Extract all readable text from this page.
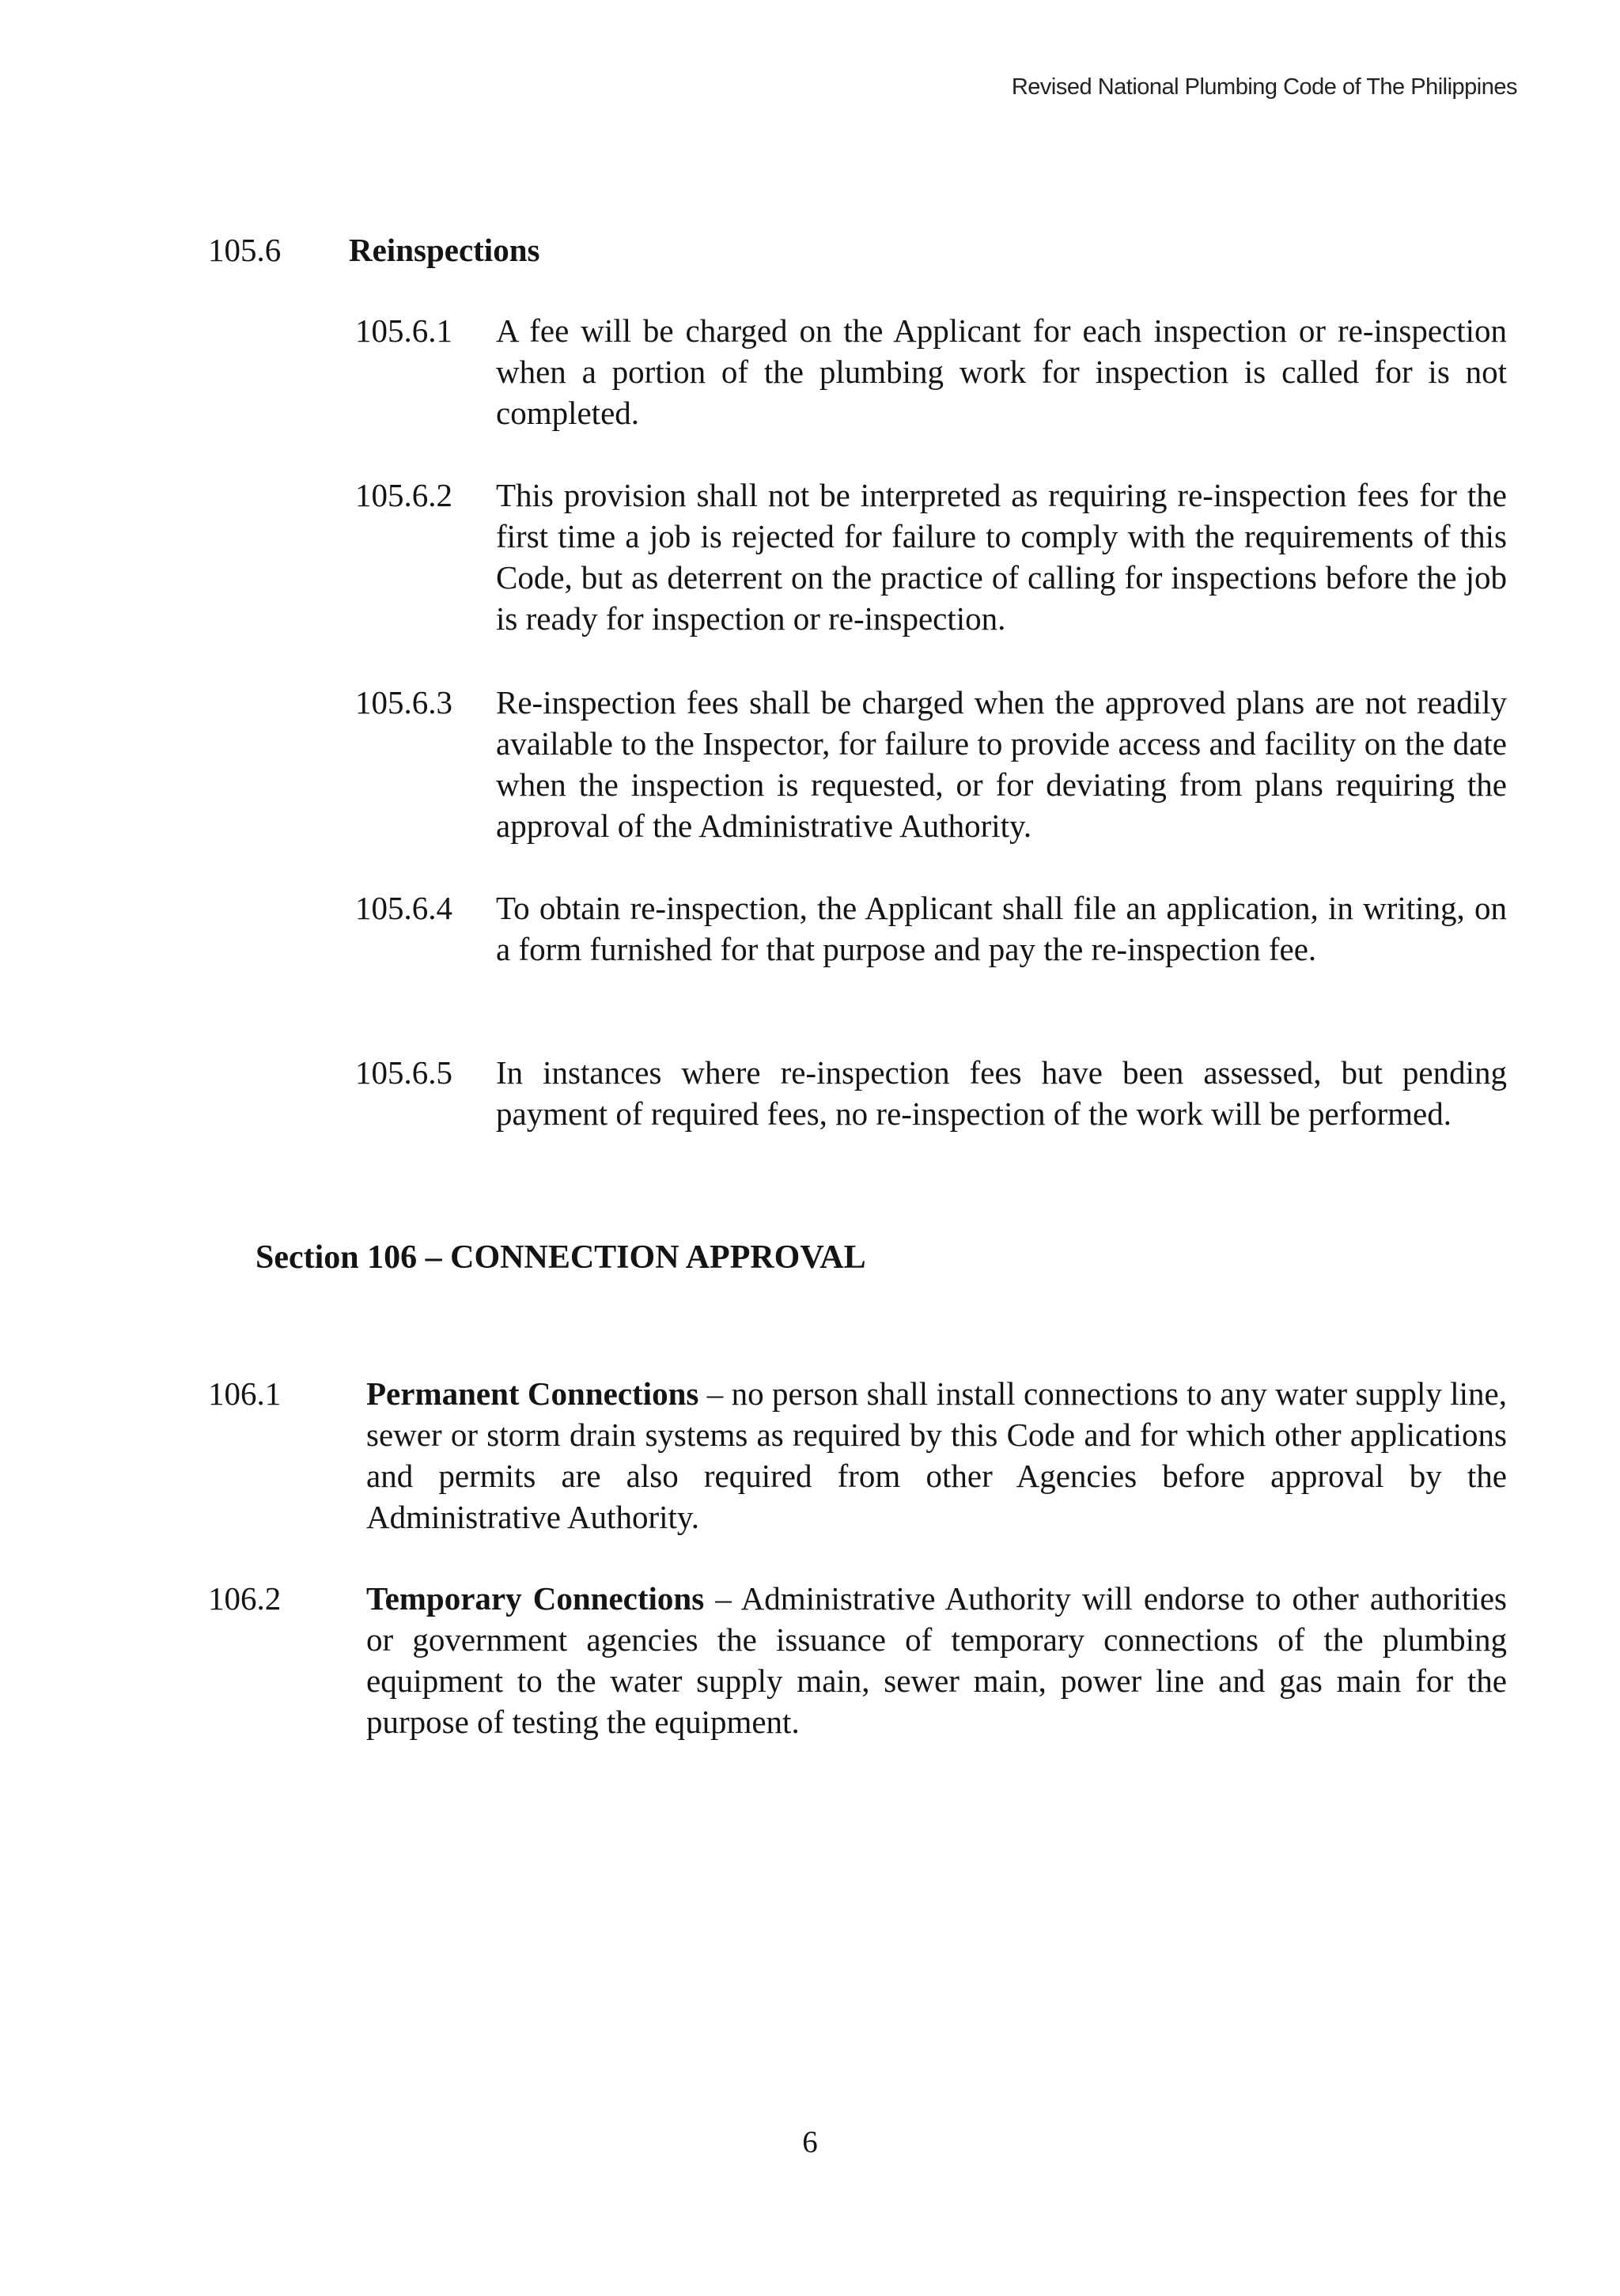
Revised National Plumbing Code of The Philippines
105.6 Reinspections

105.6.1 A fee will be charged on the Applicant for each inspection or re-inspection when a portion of the plumbing work for inspection is called for is not completed.

105.6.2 This provision shall not be interpreted as requiring re-inspection fees for the first time a job is rejected for failure to comply with the requirements of this Code, but as deterrent on the practice of calling for inspections before the job is ready for inspection or re-inspection.

105.6.3 Re-inspection fees shall be charged when the approved plans are not readily available to the Inspector, for failure to provide access and facility on the date when the inspection is requested, or for deviating from plans requiring the approval of the Administrative Authority.

105.6.4 To obtain re-inspection, the Applicant shall file an application, in writing, on a form furnished for that purpose and pay the re-inspection fee.

105.6.5 In instances where re-inspection fees have been assessed, but pending payment of required fees, no re-inspection of the work will be performed.

Section 106 – CONNECTION APPROVAL

106.1	Permanent Connections – no person shall install connections to any water supply line, sewer or storm drain systems as required by this Code and for which other applications and permits are also required from other Agencies before approval by the Administrative Authority.

106.2	Temporary Connections – Administrative Authority will endorse to other authorities or government agencies the issuance of temporary connections of the plumbing equipment to the water supply main, sewer main, power line and gas main for the purpose of testing the equipment.

6
